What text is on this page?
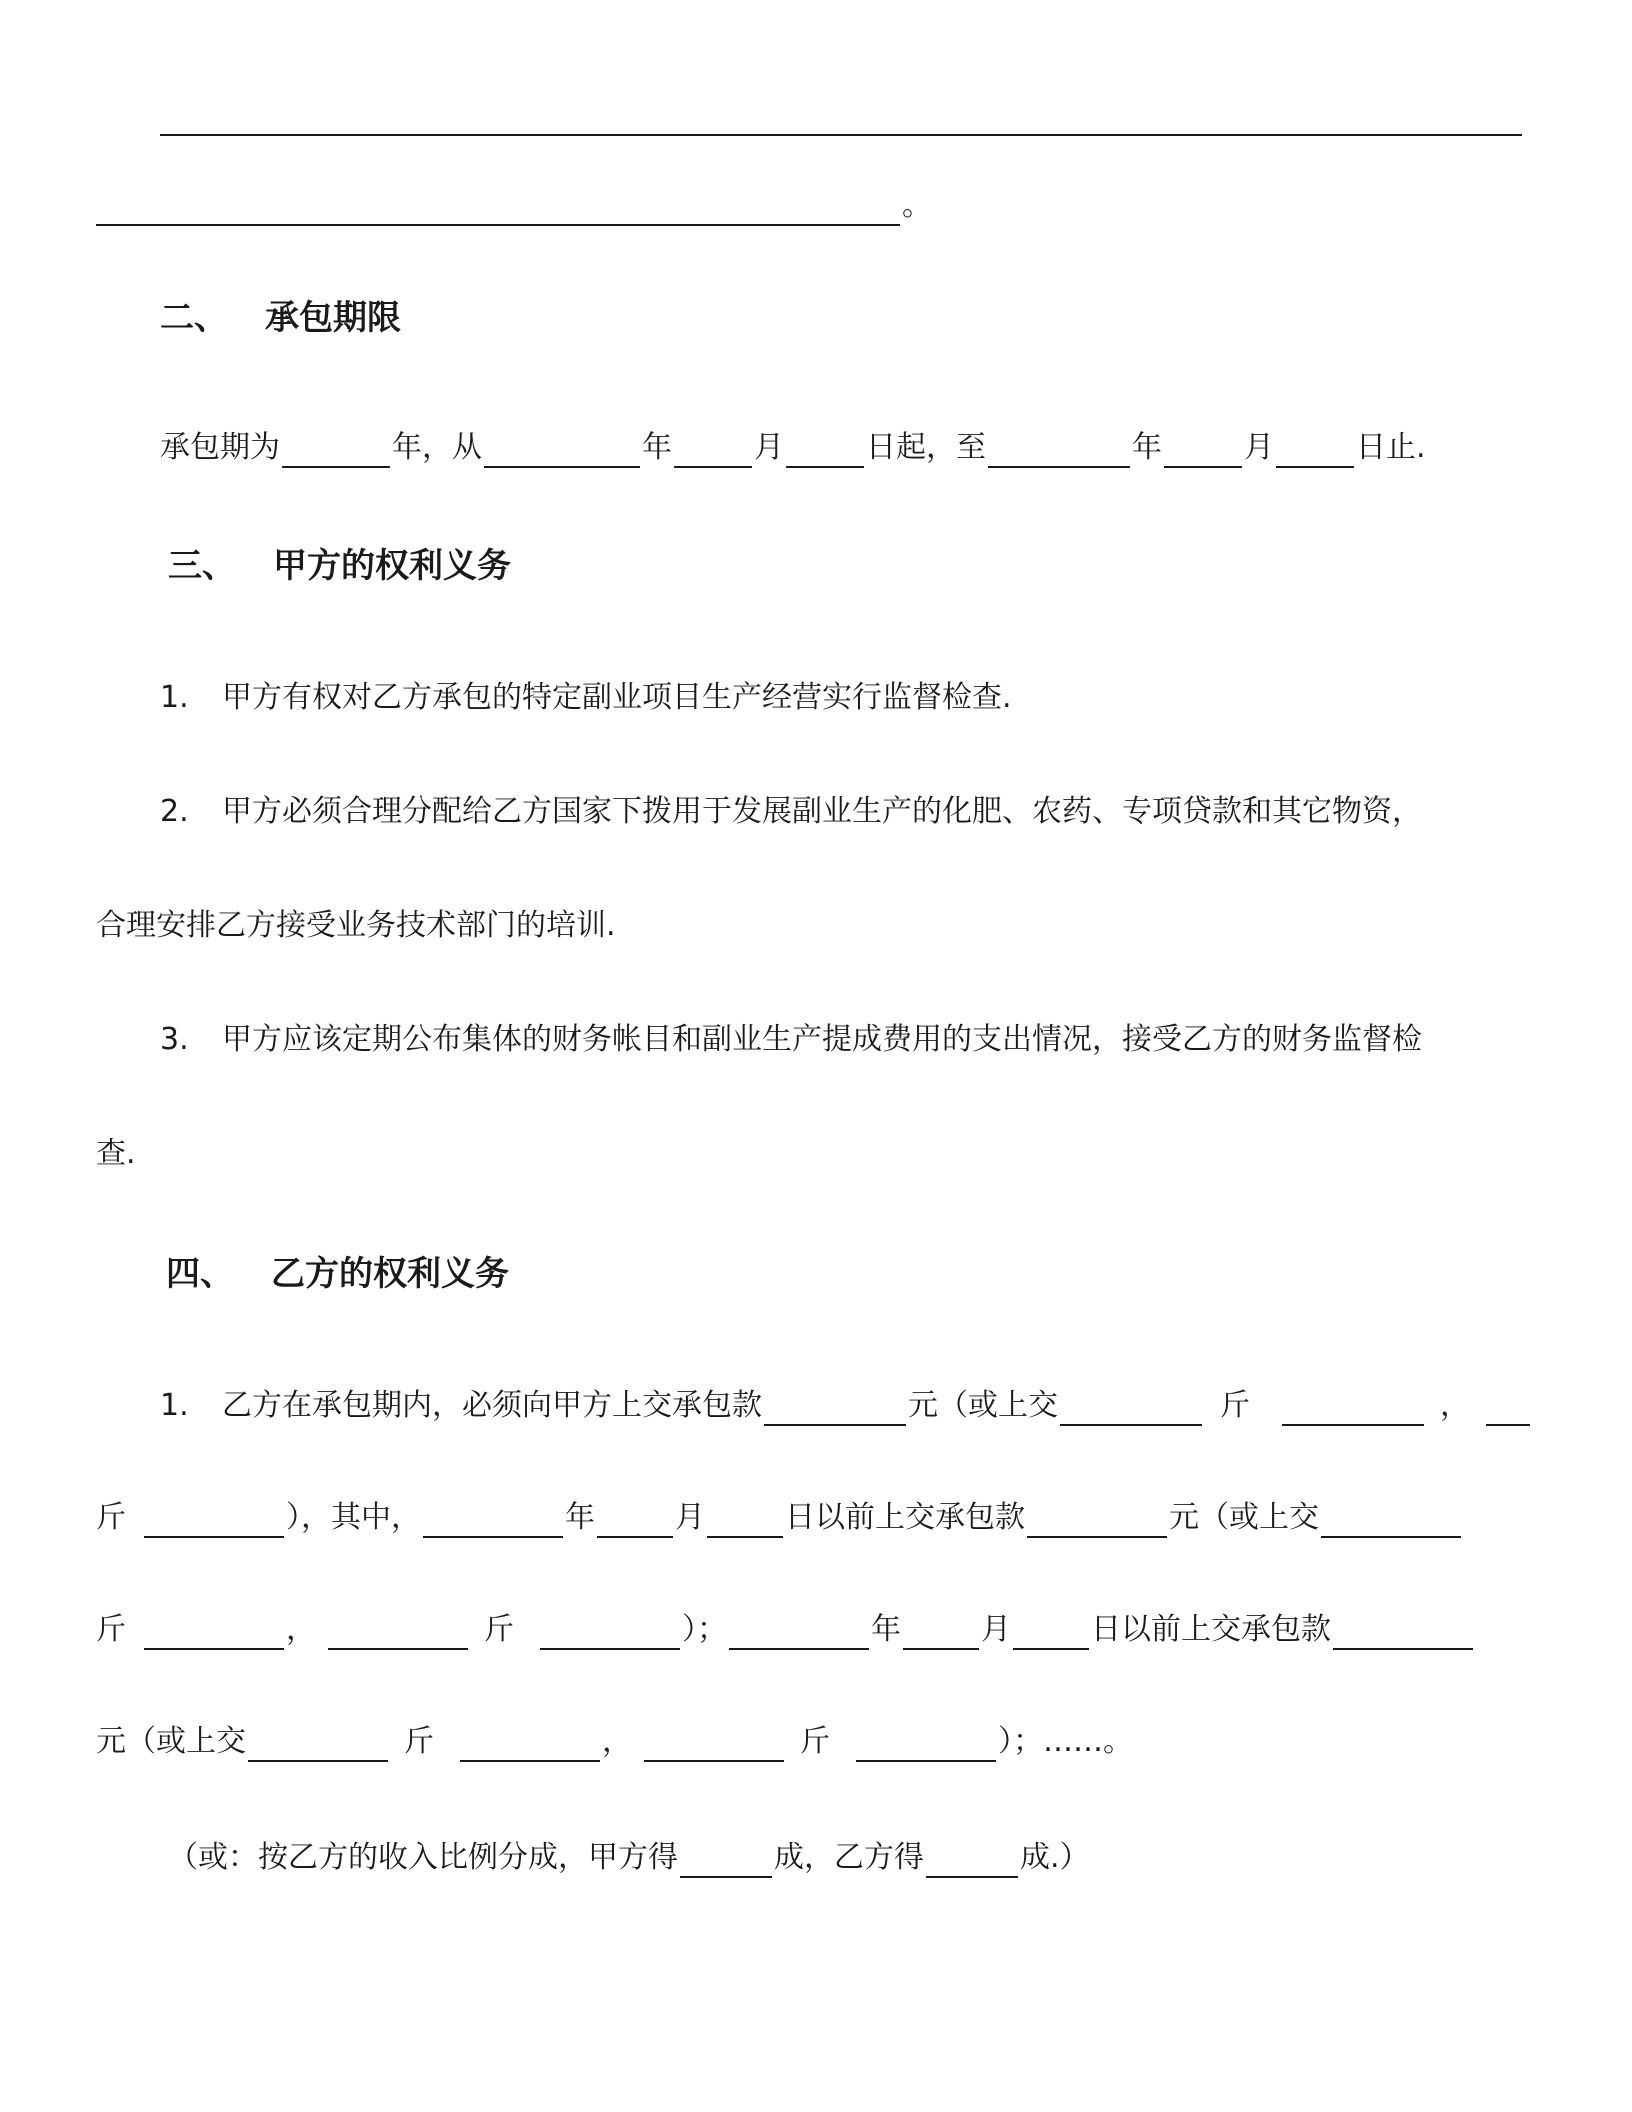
。
二、	承包期限
承包期为	年，从	年	月	日起，至	年	月	日止.
三、	甲方的权利义务
1.	甲方有权对乙方承包的特定副业项目生产经营实行监督检查.
2.	甲方必须合理分配给乙方国家下拨用于发展副业生产的化肥、农药、专项贷款和其它物资，
合理安排乙方接受业务技术部门的培训.
3.	甲方应该定期公布集体的财务帐目和副业生产提成费用的支出情况，接受乙方的财务监督检
查.
四、	乙方的权利义务
1.	乙方在承包期内，必须向甲方上交承包款	元（或上交	斤	，
斤	），其中，	年	月	日以前上交承包款	元（或上交
斤	，	斤	）；	年	月	日以前上交承包款
元（或上交	斤	，	斤	）；……。
（或：按乙方的收入比例分成，甲方得	成，乙方得	成.）
